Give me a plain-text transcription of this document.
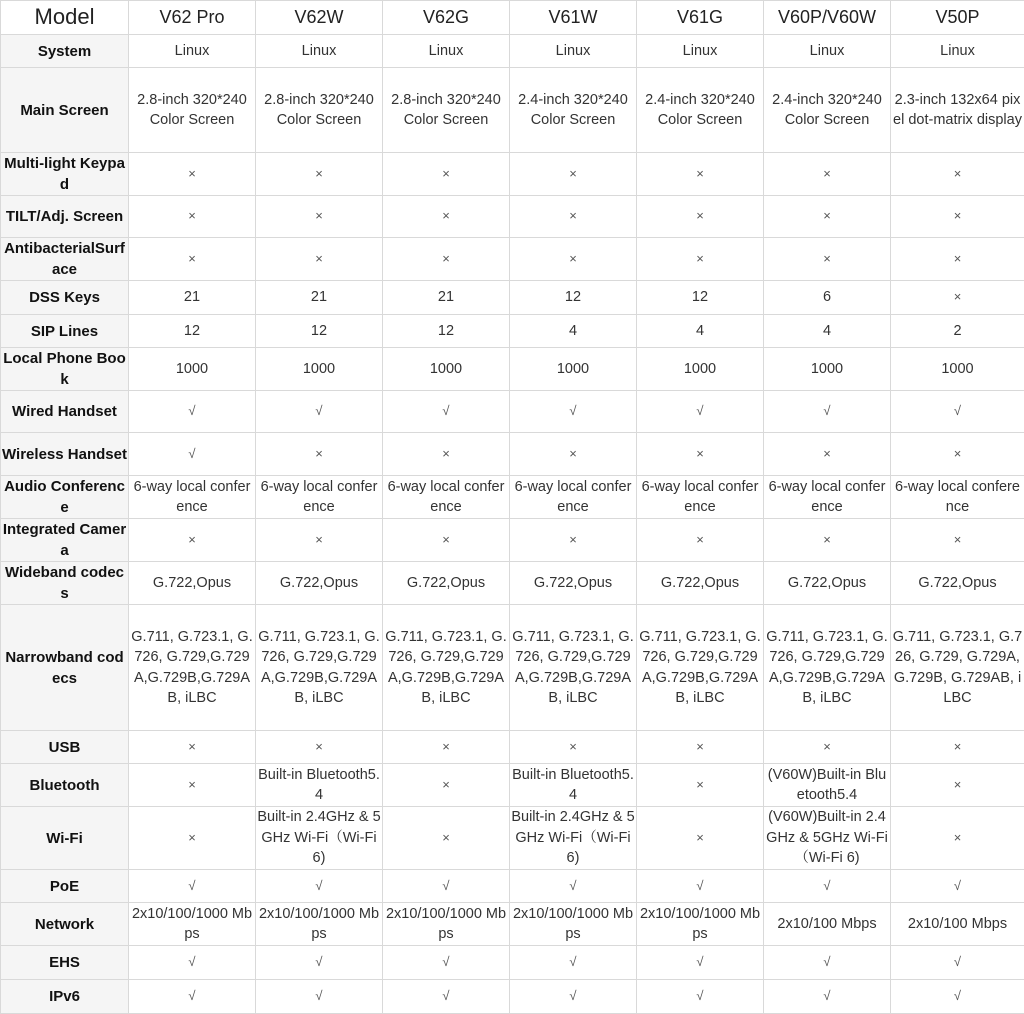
Model	V62 Pro	V62W	V62G	V61W	V61G	V60P/V60W	V50P
System	Linux	Linux	Linux	Linux	Linux	Linux	Linux
Main Screen	2.8-inch 320*240 Color Screen	2.8-inch 320*240 Color Screen	2.8-inch 320*240 Color Screen	2.4-inch 320*240 Color Screen	2.4-inch 320*240 Color Screen	2.4-inch 320*240 Color Screen	2.3-inch 132x64 pixel dot-matrix display
Multi-light Keypad	×	×	×	×	×	×	×
TILT/Adj. Screen	×	×	×	×	×	×	×
AntibacterialSurface	×	×	×	×	×	×	×
DSS Keys	21	21	21	12	12	6	×
SIP Lines	12	12	12	4	4	4	2
Local Phone Book	1000	1000	1000	1000	1000	1000	1000
Wired Handset	√	√	√	√	√	√	√
Wireless Handset	√	×	×	×	×	×	×
Audio Conference	6-way local conference	6-way local conference	6-way local conference	6-way local conference	6-way local conference	6-way local conference	6-way local conference
Integrated Camera	×	×	×	×	×	×	×
Wideband codecs	G.722,Opus	G.722,Opus	G.722,Opus	G.722,Opus	G.722,Opus	G.722,Opus	G.722,Opus
Narrowband codecs	G.711, G.723.1, G.726, G.729,G.729A,G.729B,G.729AB, iLBC	G.711, G.723.1, G.726, G.729,G.729A,G.729B,G.729AB, iLBC	G.711, G.723.1, G.726, G.729,G.729A,G.729B,G.729AB, iLBC	G.711, G.723.1, G.726, G.729,G.729A,G.729B,G.729AB, iLBC	G.711, G.723.1, G.726, G.729,G.729A,G.729B,G.729AB, iLBC	G.711, G.723.1, G.726, G.729,G.729A,G.729B,G.729AB, iLBC	G.711, G.723.1, G.726, G.729, G.729A, G.729B, G.729AB, iLBC
USB	×	×	×	×	×	×	×
Bluetooth	×	Built-in Bluetooth5.4	×	Built-in Bluetooth5.4	×	(V60W)Built-in Bluetooth5.4	×
Wi-Fi	×	Built-in 2.4GHz & 5GHz Wi-Fi（Wi-Fi 6)	×	Built-in 2.4GHz & 5GHz Wi-Fi（Wi-Fi 6)	×	(V60W)Built-in 2.4GHz & 5GHz Wi-Fi（Wi-Fi 6)	×
PoE	√	√	√	√	√	√	√
Network	2x10/100/1000 Mbps	2x10/100/1000 Mbps	2x10/100/1000 Mbps	2x10/100/1000 Mbps	2x10/100/1000 Mbps	2x10/100 Mbps	2x10/100 Mbps
EHS	√	√	√	√	√	√	√
IPv6	√	√	√	√	√	√	√
